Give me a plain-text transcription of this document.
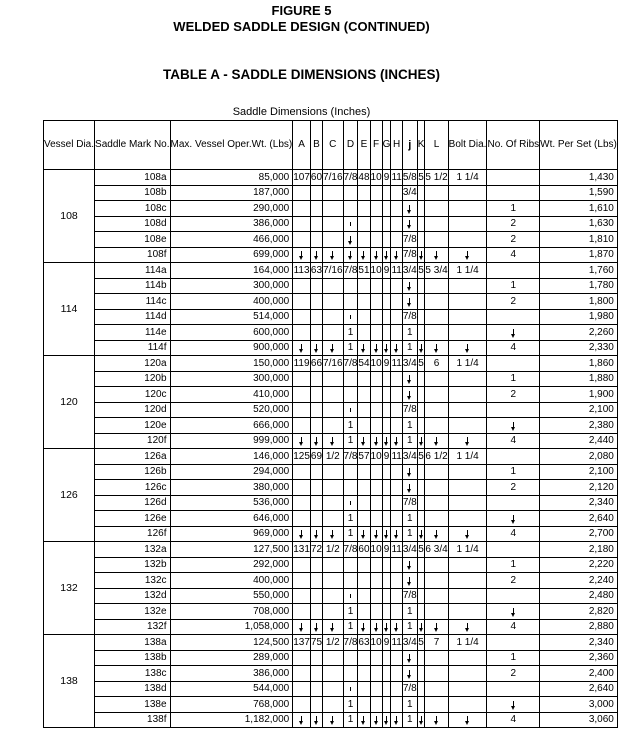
FIGURE 5
WELDED SADDLE DESIGN (CONTINUED)
TABLE A - SADDLE DIMENSIONS (INCHES)
Saddle Dimensions (Inches)
Vessel Dia.	Saddle Mark No.	Max. Vessel Oper.Wt. (Lbs)	A	B	C	D	E	F	G	H	j	K	L	Bolt Dia.	No. Of Ribs	Wt. Per Set (Lbs)
108	108a	85,000	107	60	7/16	7/8	48	10	9	11	5/8	5	5 1/2	1 1/4		1,430
	108b	187,000									3/4					1,590
	108c	290,000													1	1,610
	108d	386,000													2	1,630
	108e	466,000									7/8				2	1,810
	108f	699,000									7/8				4	1,870
114	114a	164,000	113	63	7/16	7/8	51	10	9	11	3/4	5	5 3/4	1 1/4		1,760
	114b	300,000													1	1,780
	114c	400,000													2	1,800
	114d	514,000									7/8					1,980
	114e	600,000				1					1					2,260
	114f	900,000				1					1				4	2,330
120	120a	150,000	119	66	7/16	7/8	54	10	9	11	3/4	5	6	1 1/4		1,860
	120b	300,000													1	1,880
	120c	410,000													2	1,900
	120d	520,000									7/8					2,100
	120e	666,000				1					1					2,380
	120f	999,000				1					1				4	2,440
126	126a	146,000	125	69	1/2	7/8	57	10	9	11	3/4	5	6 1/2	1 1/4		2,080
	126b	294,000													1	2,100
	126c	380,000													2	2,120
	126d	536,000									7/8					2,340
	126e	646,000				1					1					2,640
	126f	969,000				1					1				4	2,700
132	132a	127,500	131	72	1/2	7/8	60	10	9	11	3/4	5	6 3/4	1 1/4		2,180
	132b	292,000													1	2,220
	132c	400,000													2	2,240
	132d	550,000									7/8					2,480
	132e	708,000				1					1					2,820
	132f	1,058,000				1					1				4	2,880
138	138a	124,500	137	75	1/2	7/8	63	10	9	11	3/4	5	7	1 1/4		2,340
	138b	289,000													1	2,360
	138c	386,000													2	2,400
	138d	544,000									7/8					2,640
	138e	768,000				1					1					3,000
	138f	1,182,000				1					1				4	3,060
